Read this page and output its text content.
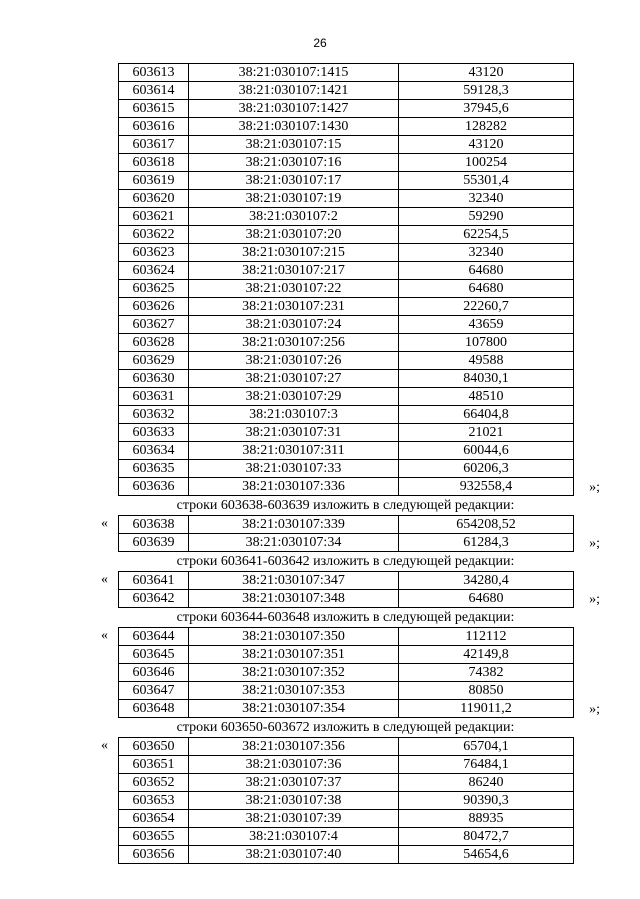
26
603613	38:21:030107:1415	43120
603614	38:21:030107:1421	59128,3
603615	38:21:030107:1427	37945,6
603616	38:21:030107:1430	128282
603617	38:21:030107:15	43120
603618	38:21:030107:16	100254
603619	38:21:030107:17	55301,4
603620	38:21:030107:19	32340
603621	38:21:030107:2	59290
603622	38:21:030107:20	62254,5
603623	38:21:030107:215	32340
603624	38:21:030107:217	64680
603625	38:21:030107:22	64680
603626	38:21:030107:231	22260,7
603627	38:21:030107:24	43659
603628	38:21:030107:256	107800
603629	38:21:030107:26	49588
603630	38:21:030107:27	84030,1
603631	38:21:030107:29	48510
603632	38:21:030107:3	66404,8
603633	38:21:030107:31	21021
603634	38:21:030107:311	60044,6
603635	38:21:030107:33	60206,3
603636	38:21:030107:336	932558,4	»;
строки 603638-603639 изложить в следующей редакции:
603638	38:21:030107:339	654208,52
603639	38:21:030107:34	61284,3
«
»;
строки 603641-603642 изложить в следующей редакции:
603641	38:21:030107:347	34280,4
603642	38:21:030107:348	64680
«
»;
строки 603644-603648 изложить в следующей редакции:
603644	38:21:030107:350	112112
603645	38:21:030107:351	42149,8
603646	38:21:030107:352	74382
603647	38:21:030107:353	80850
603648	38:21:030107:354	119011,2
«
»;
строки 603650-603672 изложить в следующей редакции:
603650	38:21:030107:356	65704,1
603651	38:21:030107:36	76484,1
603652	38:21:030107:37	86240
603653	38:21:030107:38	90390,3
603654	38:21:030107:39	88935
603655	38:21:030107:4	80472,7
603656	38:21:030107:40	54654,6
«
